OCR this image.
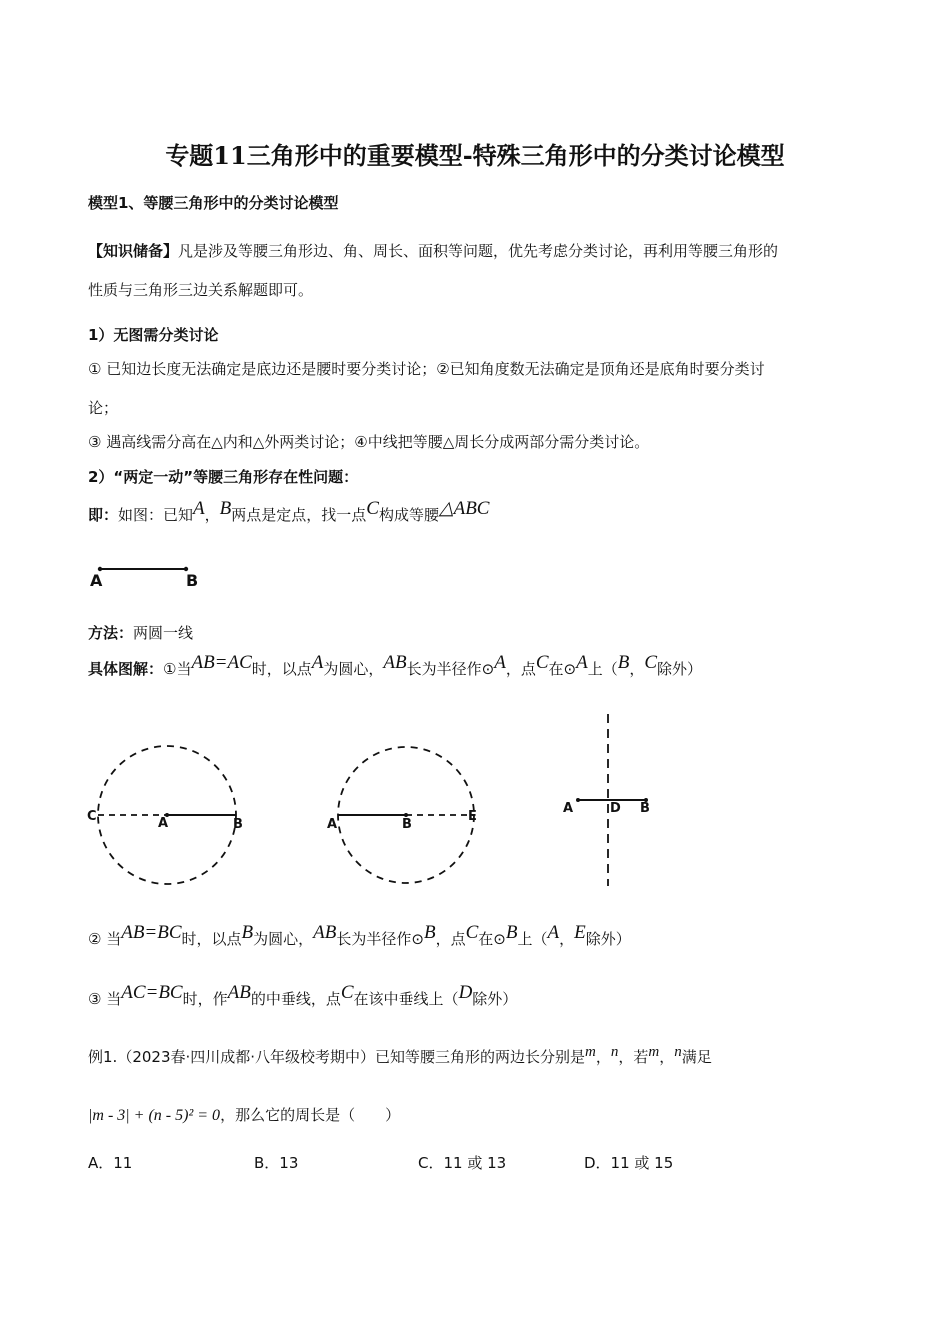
专题11三角形中的重要模型-特殊三角形中的分类讨论模型
模型1、等腰三角形中的分类讨论模型
【知识储备】凡是涉及等腰三角形边、角、周长、面积等问题，优先考虑分类讨论，再利用等腰三角形的
性质与三角形三边关系解题即可。
1）无图需分类讨论
① 已知边长度无法确定是底边还是腰时要分类讨论；②已知角度数无法确定是顶角还是底角时要分类讨
论；
③ 遇高线需分高在△内和△外两类讨论；④中线把等腰△周长分成两部分需分类讨论。
2）“两定一动”等腰三角形存在性问题：
即：如图：已知A，B两点是定点，找一点C构成等腰△ABC
A	B
方法：两圆一线
具体图解：①当AB=AC时，以点A为圆心，AB长为半径作⊙A，点C在⊙A上（B，C除外）
C	A	B	A	B
E
A	D B
② 当AB=BC时，以点B为圆心，AB长为半径作⊙B，点C在⊙B上（A，E除外）
③ 当AC=BC时，作AB的中垂线，点C在该中垂线上（D除外）
例1.（2023春·四川成都·八年级校考期中）已知等腰三角形的两边长分别是m，n，若m，n满足
|m - 3| + (n - 5)² = 0，那么它的周长是（　　）
A．11	B．13	C．11 或 13	D．11 或 15
